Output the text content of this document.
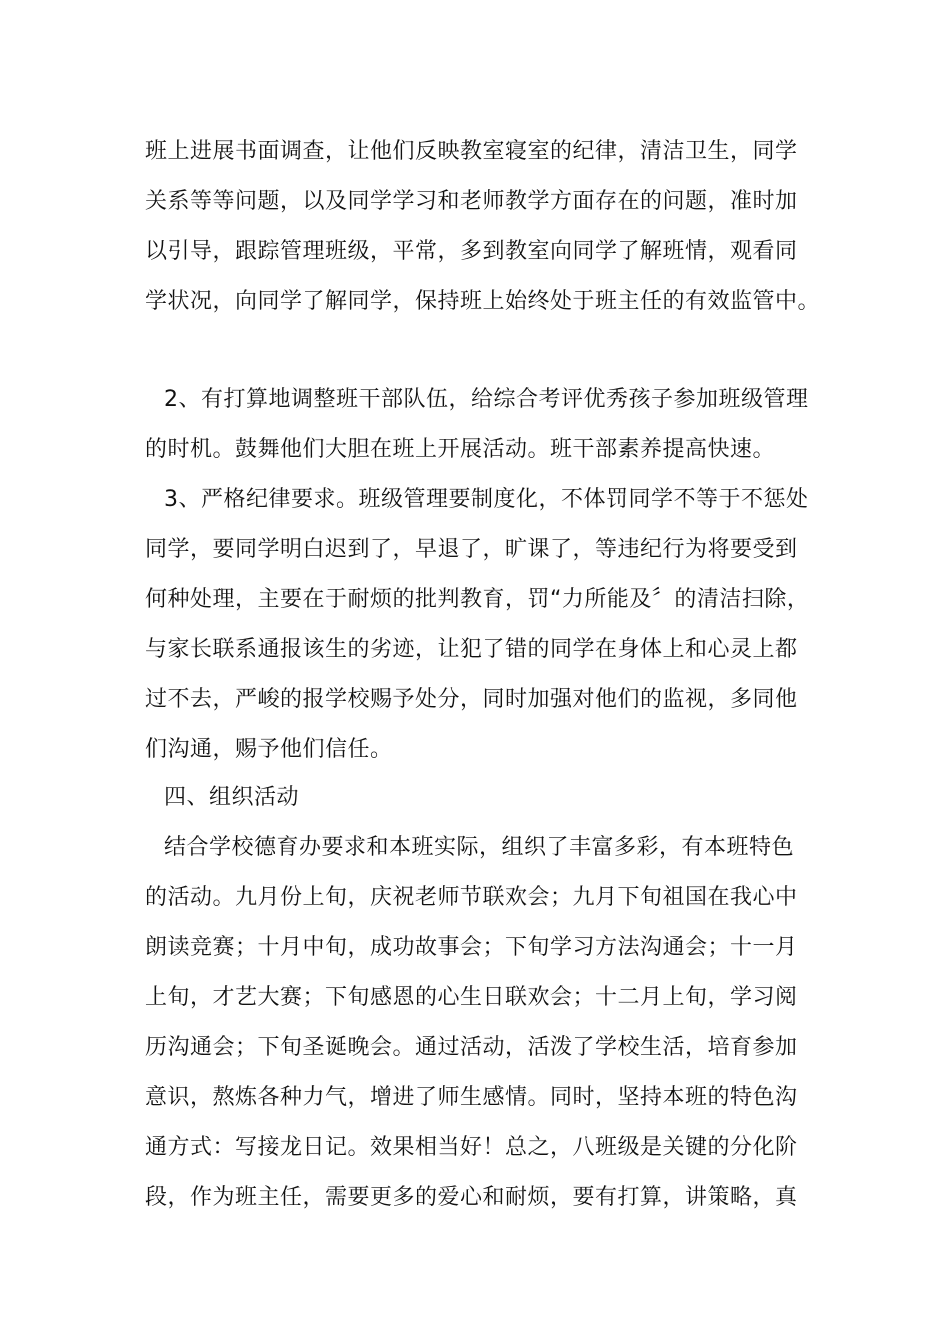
班上进展书面调查，让他们反映教室寝室的纪律，清洁卫生，同学
关系等等问题，以及同学学习和老师教学方面存在的问题，准时加
以引导，跟踪管理班级，平常，多到教室向同学了解班情，观看同
学状况，向同学了解同学，保持班上始终处于班主任的有效监管中。
2、有打算地调整班干部队伍，给综合考评优秀孩子参加班级管理
的时机。鼓舞他们大胆在班上开展活动。班干部素养提高快速。
3、严格纪律要求。班级管理要制度化，不体罚同学不等于不惩处
同学，要同学明白迟到了，早退了，旷课了，等违纪行为将要受到
何种处理，主要在于耐烦的批判教育，罚“力所能及〞的清洁扫除，
与家长联系通报该生的劣迹，让犯了错的同学在身体上和心灵上都
过不去，严峻的报学校赐予处分，同时加强对他们的监视，多同他
们沟通，赐予他们信任。
四、组织活动
结合学校德育办要求和本班实际，组织了丰富多彩，有本班特色
的活动。九月份上旬，庆祝老师节联欢会；九月下旬祖国在我心中
朗读竞赛；十月中旬，成功故事会；下旬学习方法沟通会；十一月
上旬，才艺大赛；下旬感恩的心生日联欢会；十二月上旬，学习阅
历沟通会；下旬圣诞晚会。通过活动，活泼了学校生活，培育参加
意识，熬炼各种力气，增进了师生感情。同时，坚持本班的特色沟
通方式：写接龙日记。效果相当好！总之，八班级是关键的分化阶
段，作为班主任，需要更多的爱心和耐烦，要有打算，讲策略，真
